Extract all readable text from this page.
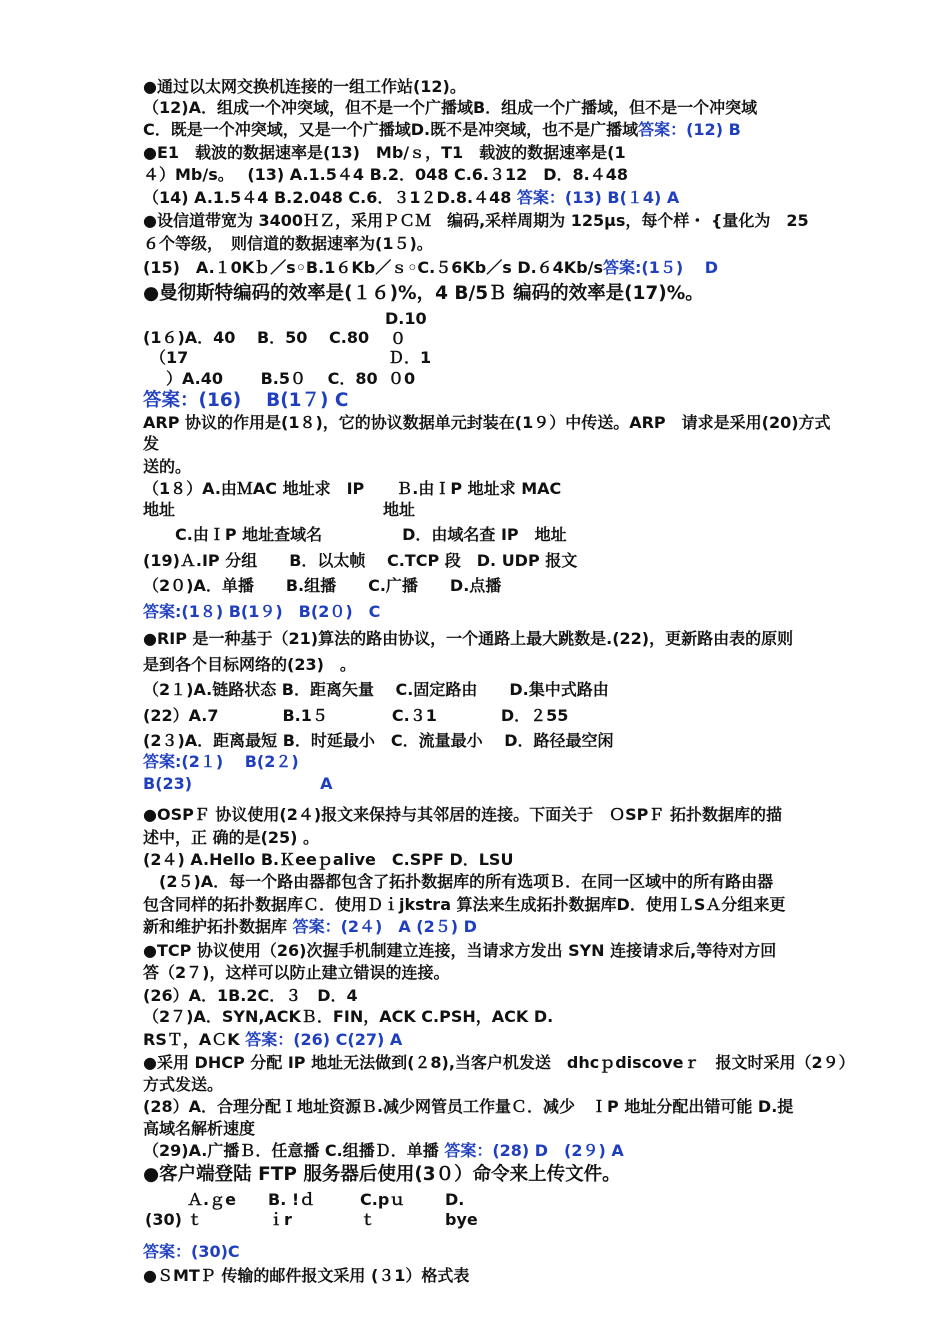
●通过以太网交换机连接的一组工作站(12)。
（12)A．组成一个冲突域，但不是一个广播域B．组成一个广播域，但不是一个冲突域
C．既是一个冲突域，又是一个广播域D.既不是冲突域，也不是广播域答案：(12) B
●E1　载波的数据速率是(13)　Mb/ｓ，T1　载波的数据速率是(1
４）Mb/s。　 (13) A.1.5４4 B.2．048 C.6.３12　D．8.４48
（14) A.1.5４4 B.2.048 C.6．３1２D.8.４48 答案：(13) B(１4) A
●设信道带宽为 3400ＨＺ，采用ＰＣＭ　编码,采样周期为 125μs，每个样・ {量化为　25
６个等级，　则信道的数据速率为(1５)。
(15)　A.１0Kｂ／s◦B.1６Kb／ｓ◦C.５6Kb／s D.６4Kb/s答案:(1５)　 D
●曼彻斯特编码的效率是(１６)%，4 B/5Ｂ 编码的效率是(17)%。
D.10
(1６)A．40　 B．50 　C.80 ０
（17	Ｄ．1
　）A.40　 　B.5０　 C．80 ０0
答案：(16)　 B(1７) C
ARP 协议的作用是(1８)，它的协议数据单元封装在(1９）中传送。ARP　请求是采用(20)方式
发
送的。
（1８）A.由ＭAC 地址求　IP　　Ｂ.由ＩP 地址求 MAC
地址　　　　　　　　　　　　　地址
　　C.由ＩP 地址查域名　　　　　D．由域名查 IP　地址
(19)Ａ.IP 分组　　B．以太帧　 C.TCP 段　D. UDP 报文
（2０)A．单播　　B.组播　　C.广播　　D.点播
答案:(1８) B(1９)　B(2０)　C
●RIP 是一种基于（21)算法的路由协议，一个通路上最大跳数是.(22)，更新路由表的原则
是到各个目标网络的(23)　。
（2１)A.链路状态 B．距离矢量　 C.固定路由　　D.集中式路由
(22）A.7　　　　B.1５　　　　C.３1　　　　D．２55
(2３)A．距离最短 B．时延最小　C．流量最小　 D．路径最空闲
答案:(2１)　 B(2２)
B(23)　　　　　　　　A
●OSPＦ 协议使用(2４)报文来保持与其邻居的连接。下面关于　ＯSPＦ 拓扑数据库的描
述中，正 确的是(25) 。
(2４) A.Hello B.Ｋeeｐalive　C.SPF D．LSU
　(2５)A．每一个路由器都包含了拓扑数据库的所有选项Ｂ．在同一区域中的所有路由器
包含同样的拓扑数据库Ｃ．使用Ｄｉjkstra 算法来生成拓扑数据库D．使用ＬSＡ分组来更
新和维护拓扑数据库 答案：(2４)　A (2５) D
●TCP 协议使用（26)次握手机制建立连接，当请求方发出 SYN 连接请求后,等待对方回
答（2７)，这样可以防止建立错误的连接。
(26）A．1B.2C．３　D．4
（2７)A．SYN,ACKＢ．FIN，ACK C.PSH，ACK D.
RSＴ，AＣK 答案：(26) C(27) A
●采用 DHCP 分配 IP 地址无法做到(２8),当客户机发送　dhcｐdiscoveｒ　报文时采用（2９）
方式发送。
(28）A．合理分配Ｉ地址资源Ｂ.减少网管员工作量Ｃ．减少　ＩP 地址分配出错可能 D.提
高域名解析速度
（29)A.广播Ｂ．任意播 C.组播Ｄ．单播 答案：(28) D　(2９) A
●客户端登陆 FTP 服务器后使用(3０）命令来上传文件。
(30)
Ａ.ｇe
ｔ
B. !ｄ
ｉr
C.pｕ
ｔ
D.
bye
答案：(30)C
●ＳMTＰ 传输的邮件报文采用 (３1）格式表
